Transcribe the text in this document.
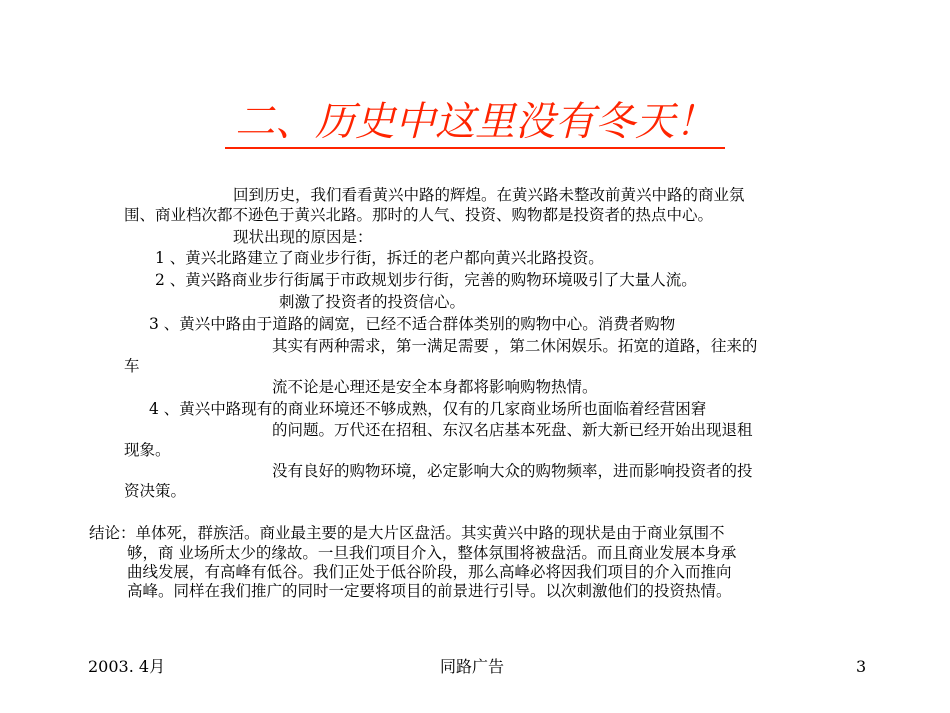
二、历史中这里没有冬天！
回到历史，我们看看黄兴中路的辉煌。在黄兴路未整改前黄兴中路的商业氛
围、商业档次都不逊色于黄兴北路。那时的人气、投资、购物都是投资者的热点中心。
现状出现的原因是：
1 、黄兴北路建立了商业步行街，拆迁的老户都向黄兴北路投资。
2 、黄兴路商业步行街属于市政规划步行街，完善的购物环境吸引了大量人流。
刺激了投资者的投资信心。
3 、黄兴中路由于道路的阔宽，已经不适合群体类别的购物中心。消费者购物
其实有两种需求，第一满足需要 ，第二休闲娱乐。拓宽的道路，往来的
车
流不论是心理还是安全本身都将影响购物热情。
4 、黄兴中路现有的商业环境还不够成熟，仅有的几家商业场所也面临着经营困窘
的问题。万代还在招租、东汉名店基本死盘、新大新已经开始出现退租
现象。
没有良好的购物环境，必定影响大众的购物频率，进而影响投资者的投
资决策。
结论：单体死，群族活。商业最主要的是大片区盘活。其实黄兴中路的现状是由于商业氛围不
够，商 业场所太少的缘故。一旦我们项目介入，整体氛围将被盘活。而且商业发展本身承
曲线发展，有高峰有低谷。我们正处于低谷阶段，那么高峰必将因我们项目的介入而推向
高峰。同样在我们推广的同时一定要将项目的前景进行引导。以次刺激他们的投资热情。
2003. 4月	同路广告	3
